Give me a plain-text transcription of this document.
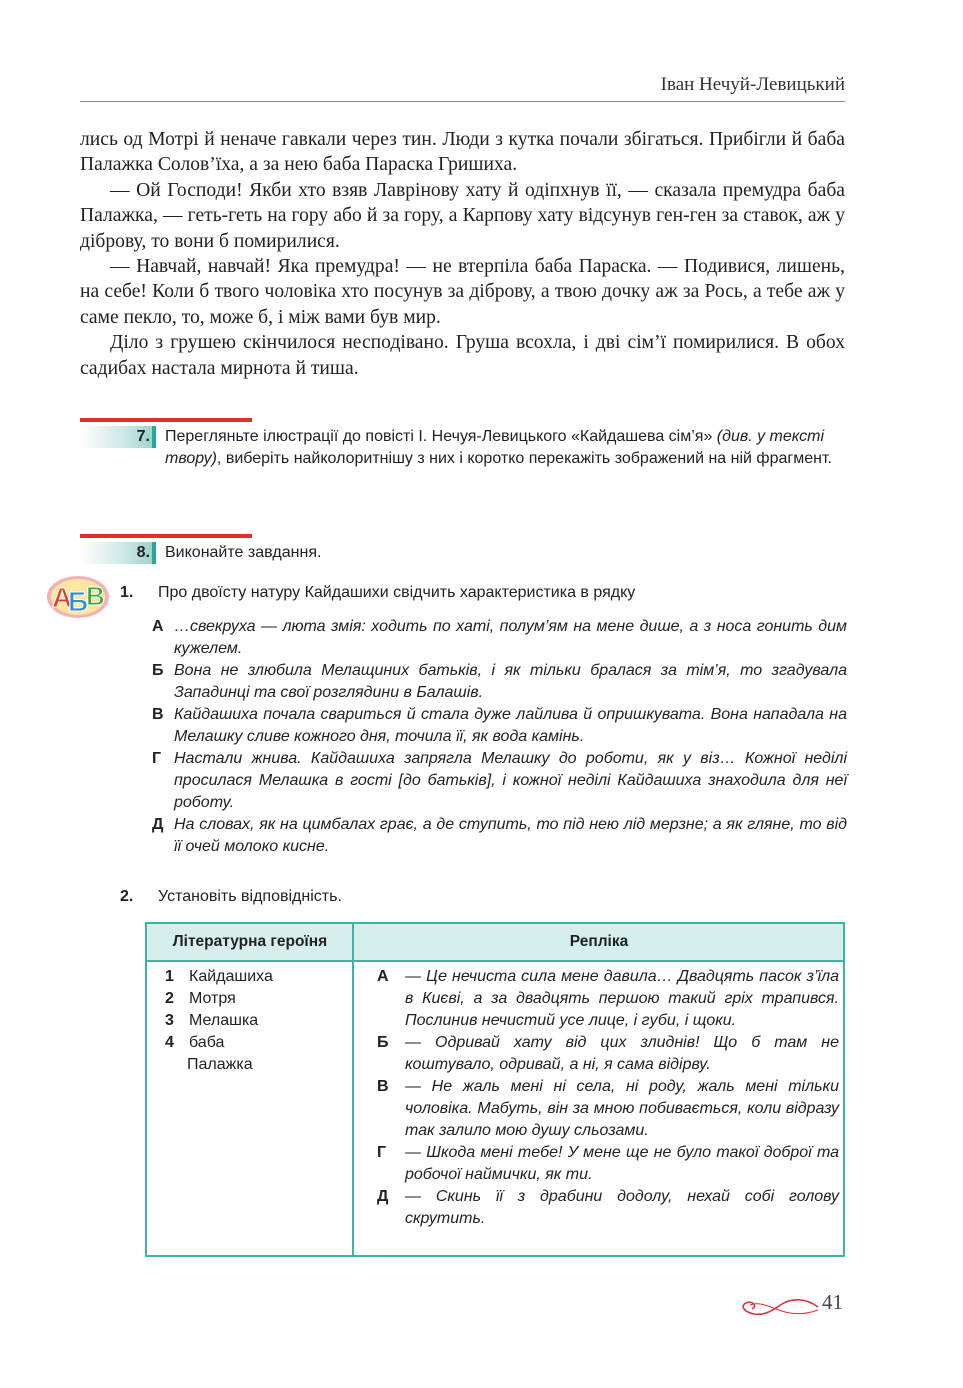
Іван Нечуй-Левицький

лись од Мотрі й неначе гавкали через тин. Люди з кутка почали збігаться. Прибігли й баба Палажка Солов’їха, а за нею баба Параска Гришиха.

— Ой Господи! Якби хто взяв Лаврінову хату й одіпхнув її, — сказала премудра баба Палажка, — геть-геть на гору або й за гору, а Карпову хату відсунув ген-ген за ставок, аж у діброву, то вони б помирилися.

— Навчай, навчай! Яка премудра! — не втерпіла баба Параска. — Подивися, лишень, на себе! Коли б твого чоловіка хто посунув за діброву, а твою дочку аж за Рось, а тебе аж у саме пекло, то, може б, і між вами був мир.

Діло з грушею скінчилося несподівано. Груша всохла, і дві сім’ї помирилися. В обох садибах настала мирнота й тиша.

7. Перегляньте ілюстрації до повісті І. Нечуя-Левицького «Кайдашева сім’я» (див. у тексті твору), виберіть найколоритнішу з них і коротко перекажіть зображений на ній фрагмент.
8. Виконайте завдання.
А
Б
В 1. Про двоїсту натуру Кайдашихи свідчить характеристика в рядку
А …свекруха — люта змія: ходить по хаті, полум’ям на мене дише, а з носа гонить дим кужелем.
Б Вона не злюбила Мелащиних батьків, і як тільки бралася за тім’я, то згадувала Западинці та свої розглядини в Балашів.
В Кайдашиха почала свариться й стала дуже лайлива й опришкувата. Вона нападала на Мелашку сливе кожного дня, точила її, як вода камінь.
Г Настали жнива. Кайдашиха запрягла Мелашку до роботи, як у віз… Кожної неділі просилася Мелашка в гості [до батьків], і кожної неділі Кайдашиха знаходила для неї роботу.
Д На словах, як на цимбалах грає, а де ступить, то під нею лід мерзне; а як гляне, то від її очей молоко кисне.
2. Установіть відповідність.
Літературна героїня	Репліка
1 Кайдашиха
2 Мотря
3 Мелашка
4 баба
Палажка
А — Це нечиста сила мене давила… Двадцять пасок з’їла в Києві, а за двадцять першою такий гріх трапився. Послинив нечистий усе лице, і губи, і щоки.
Б — Одривай хату від цих злиднів! Що б там не коштувало, одривай, а ні, я сама відірву.
В — Не жаль мені ні села, ні роду, жаль мені тільки чоловіка. Мабуть, він за мною побивається, коли відразу так залило мою душу сльозами.
Г — Шкода мені тебе! У мене ще не було такої доброї та робочої наймички, як ти.
Д — Скинь її з драбини додолу, нехай собі голову скрутить.
41
